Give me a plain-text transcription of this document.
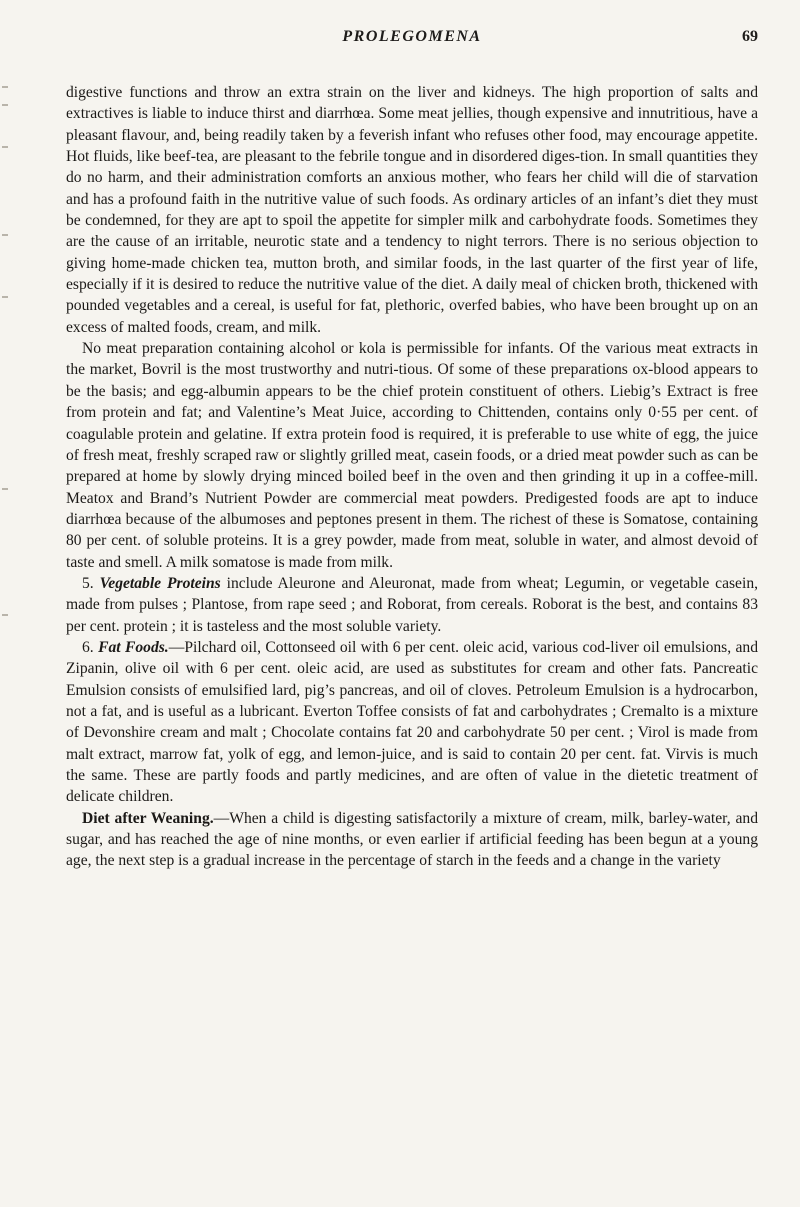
PROLEGOMENA	69

digestive functions and throw an extra strain on the liver and kidneys. The high proportion of salts and extractives is liable to induce thirst and diarrhœa. Some meat jellies, though expensive and innutritious, have a pleasant flavour, and, being readily taken by a feverish infant who refuses other food, may encourage appetite. Hot fluids, like beef-tea, are pleasant to the febrile tongue and in disordered diges-tion. In small quantities they do no harm, and their administration comforts an anxious mother, who fears her child will die of starvation and has a profound faith in the nutritive value of such foods. As ordinary articles of an infant’s diet they must be condemned, for they are apt to spoil the appetite for simpler milk and carbohydrate foods. Sometimes they are the cause of an irritable, neurotic state and a tendency to night terrors. There is no serious objection to giving home-made chicken tea, mutton broth, and similar foods, in the last quarter of the first year of life, especially if it is desired to reduce the nutritive value of the diet. A daily meal of chicken broth, thickened with pounded vegetables and a cereal, is useful for fat, plethoric, overfed babies, who have been brought up on an excess of malted foods, cream, and milk.

No meat preparation containing alcohol or kola is permissible for infants. Of the various meat extracts in the market, Bovril is the most trustworthy and nutri-tious. Of some of these preparations ox-blood appears to be the basis; and egg-albumin appears to be the chief protein constituent of others. Liebig’s Extract is free from protein and fat; and Valentine’s Meat Juice, according to Chittenden, contains only 0·55 per cent. of coagulable protein and gelatine. If extra protein food is required, it is preferable to use white of egg, the juice of fresh meat, freshly scraped raw or slightly grilled meat, casein foods, or a dried meat powder such as can be prepared at home by slowly drying minced boiled beef in the oven and then grinding it up in a coffee-mill. Meatox and Brand’s Nutrient Powder are commercial meat powders. Predigested foods are apt to induce diarrhœa because of the albumoses and peptones present in them. The richest of these is Somatose, containing 80 per cent. of soluble proteins. It is a grey powder, made from meat, soluble in water, and almost devoid of taste and smell. A milk somatose is made from milk.

5. Vegetable Proteins include Aleurone and Aleuronat, made from wheat; Legumin, or vegetable casein, made from pulses ; Plantose, from rape seed ; and Roborat, from cereals. Roborat is the best, and contains 83 per cent. protein ; it is tasteless and the most soluble variety.

6. Fat Foods.—Pilchard oil, Cottonseed oil with 6 per cent. oleic acid, various cod-liver oil emulsions, and Zipanin, olive oil with 6 per cent. oleic acid, are used as substitutes for cream and other fats. Pancreatic Emulsion consists of emulsified lard, pig’s pancreas, and oil of cloves. Petroleum Emulsion is a hydrocarbon, not a fat, and is useful as a lubricant. Everton Toffee consists of fat and carbohydrates ; Cremalto is a mixture of Devonshire cream and malt ; Chocolate contains fat 20 and carbohydrate 50 per cent. ; Virol is made from malt extract, marrow fat, yolk of egg, and lemon-juice, and is said to contain 20 per cent. fat. Virvis is much the same. These are partly foods and partly medicines, and are often of value in the dietetic treatment of delicate children.

Diet after Weaning.—When a child is digesting satisfactorily a mixture of cream, milk, barley-water, and sugar, and has reached the age of nine months, or even earlier if artificial feeding has been begun at a young age, the next step is a gradual increase in the percentage of starch in the feeds and a change in the variety
